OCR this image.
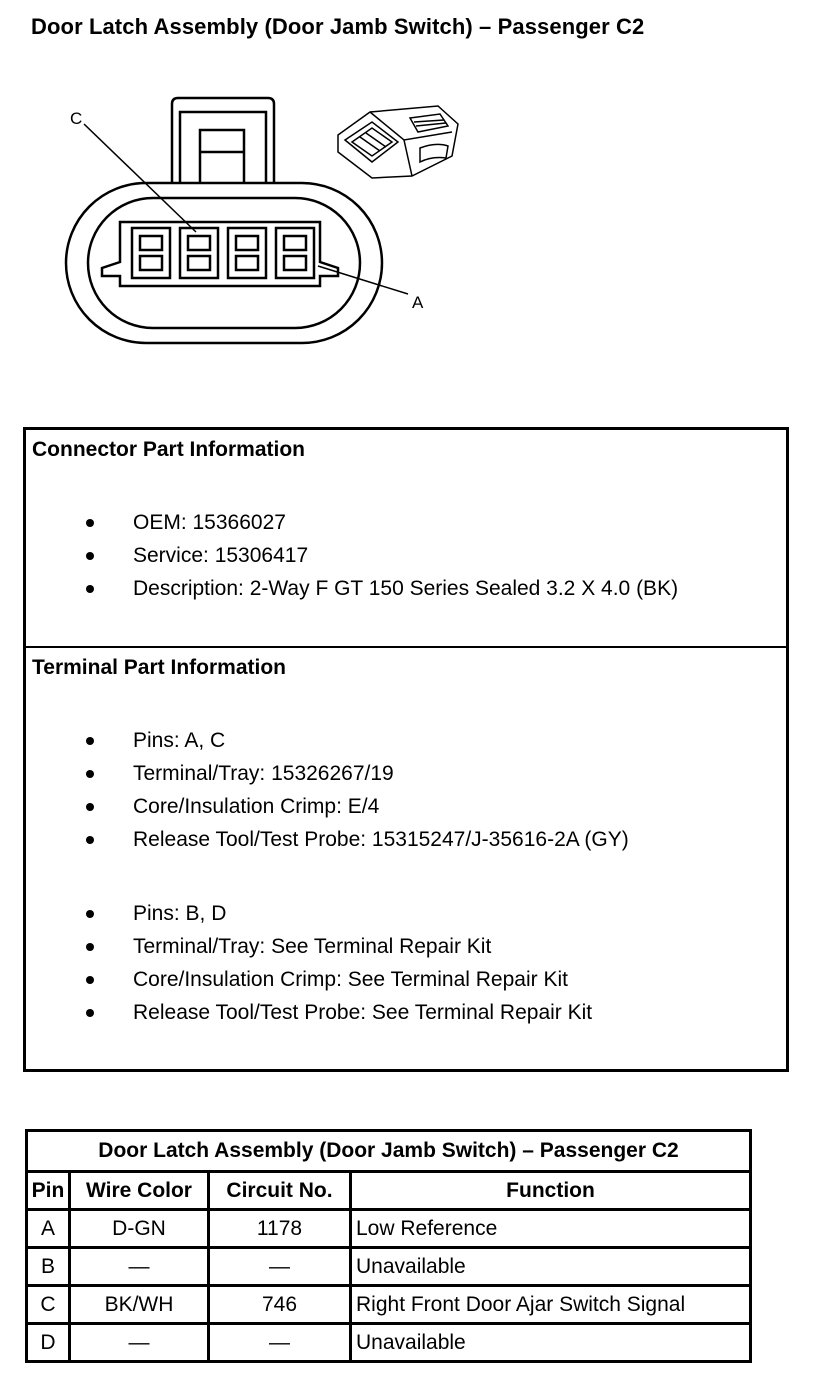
Door Latch Assembly (Door Jamb Switch) – Passenger C2
C
A
Connector Part Information
OEM: 15366027
Service: 15306417
Description: 2-Way F GT 150 Series Sealed 3.2 X 4.0 (BK)
Terminal Part Information
Pins: A, C
Terminal/Tray: 15326267/19
Core/Insulation Crimp: E/4
Release Tool/Test Probe: 15315247/J-35616-2A (GY)
Pins: B, D
Terminal/Tray: See Terminal Repair Kit
Core/Insulation Crimp: See Terminal Repair Kit
Release Tool/Test Probe: See Terminal Repair Kit
Door Latch Assembly (Door Jamb Switch) – Passenger C2			
Pin	Wire Color	Circuit No.	Function
A	D-GN	1178	Low Reference
B	—	—	Unavailable
C	BK/WH	746	Right Front Door Ajar Switch Signal
D	—	—	Unavailable
